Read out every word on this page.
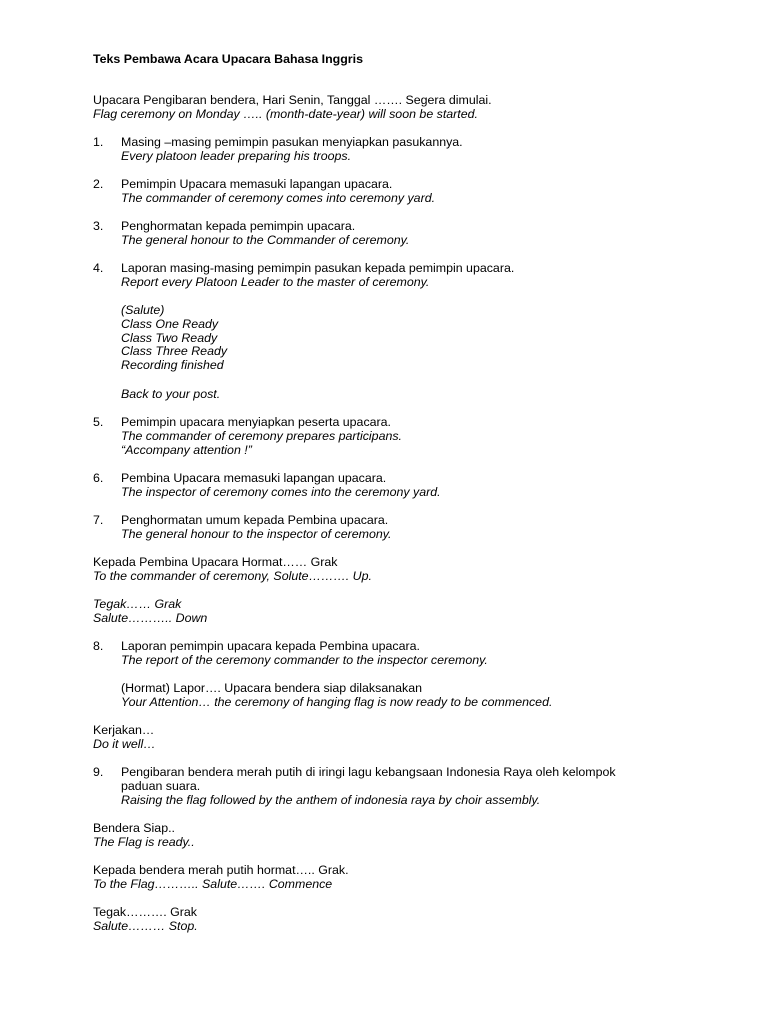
Teks Pembawa Acara Upacara Bahasa Inggris
Upacara Pengibaran bendera, Hari Senin, Tanggal ……. Segera dimulai.
Flag ceremony on Monday ….. (month-date-year) will soon be started.
1. Masing –masing pemimpin pasukan menyiapkan pasukannya.
Every platoon leader preparing his troops.
2. Pemimpin Upacara memasuki lapangan upacara.
The commander of ceremony comes into ceremony yard.
3. Penghormatan kepada pemimpin upacara.
The general honour to the Commander of ceremony.
4. Laporan masing-masing pemimpin pasukan kepada pemimpin upacara.
Report every Platoon Leader to the master of ceremony.
(Salute)
Class One Ready
Class Two Ready
Class Three Ready
Recording finished
Back to your post.
5. Pemimpin upacara menyiapkan peserta upacara.
The commander of ceremony prepares participans.
“Accompany attention !”
6. Pembina Upacara memasuki lapangan upacara.
The inspector of ceremony comes into the ceremony yard.
7. Penghormatan umum kepada Pembina upacara.
The general honour to the inspector of ceremony.
Kepada Pembina Upacara Hormat…… Grak
To the commander of ceremony, Solute………. Up.
Tegak…… Grak
Salute……….. Down
8. Laporan pemimpin upacara kepada Pembina upacara.
The report of the ceremony commander to the inspector ceremony.
(Hormat) Lapor…. Upacara bendera siap dilaksanakan
Your Attention… the ceremony of hanging flag is now ready to be commenced.
Kerjakan…
Do it well…
9. Pengibaran bendera merah putih di iringi lagu kebangsaan Indonesia Raya oleh kelompok paduan suara.
Raising the flag followed by the anthem of indonesia raya by choir assembly.
Bendera Siap..
The Flag is ready..
Kepada bendera merah putih hormat….. Grak.
To the Flag……….. Salute……. Commence
Tegak………. Grak
Salute……… Stop.
